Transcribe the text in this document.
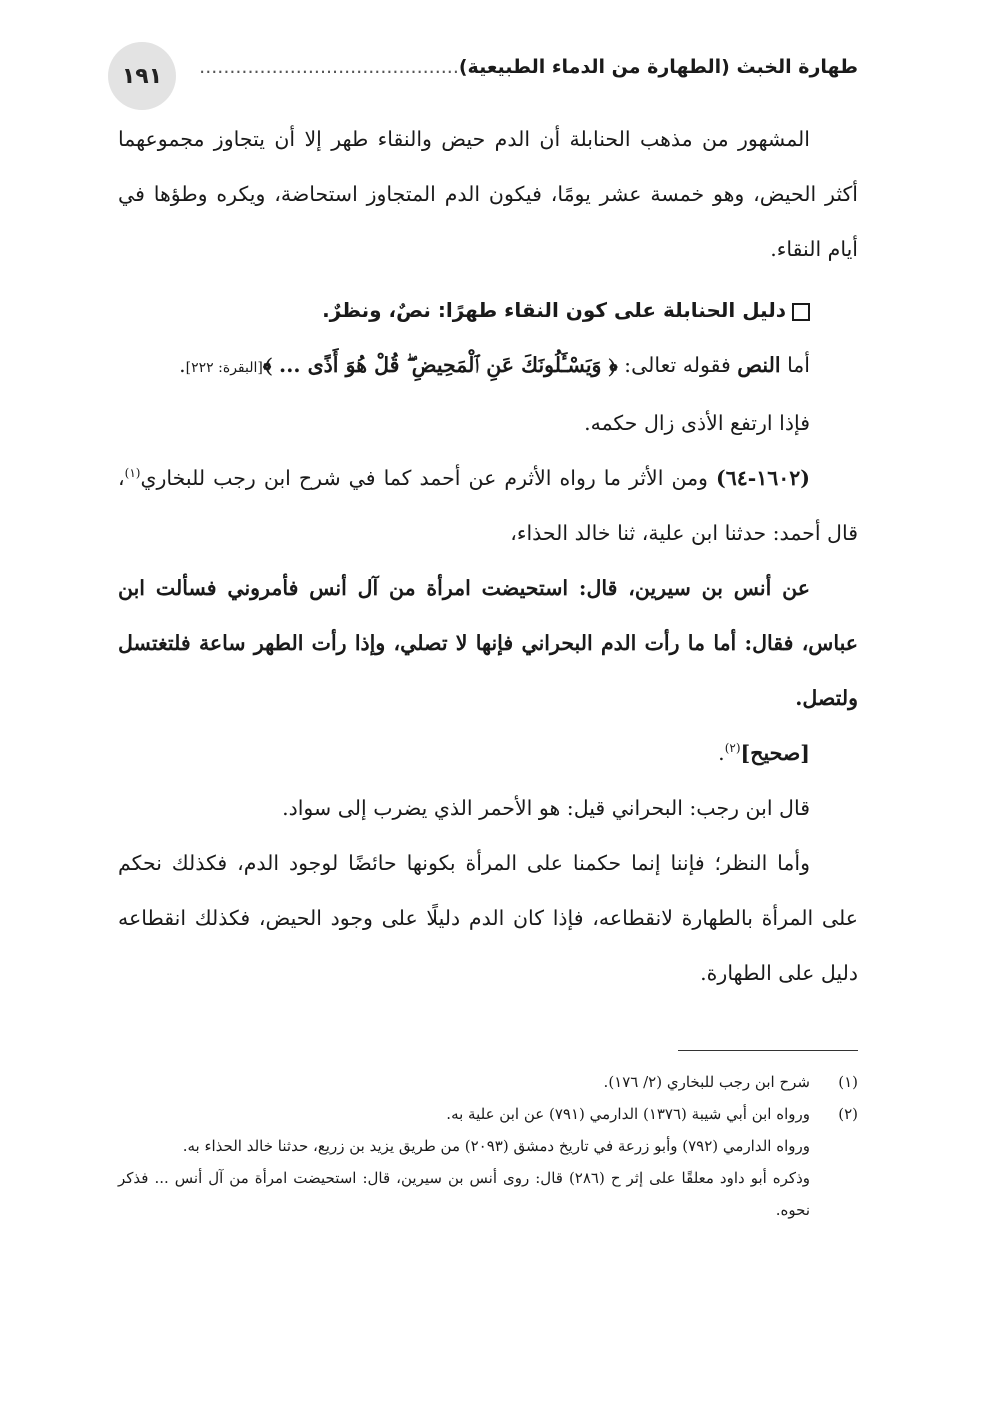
١٩١	طهارة الخبث (الطهارة من الدماء الطبيعية)...........................................

المشهور من مذهب الحنابلة أن الدم حيض والنقاء طهر إلا أن يتجاوز مجموعهما أكثر الحيض، وهو خمسة عشر يومًا، فيكون الدم المتجاوز استحاضة، ويكره وطؤها في أيام النقاء.

دليل الحنابلة على كون النقاء طهرًا: نصٌ، ونظرٌ.

أما النص فقوله تعالى: ﴿ وَيَسْـَٔلُونَكَ عَنِ ٱلْمَحِيضِ ۖ قُلْ هُوَ أَذًى ... ﴾[البقرة: ٢٢٢].

فإذا ارتفع الأذى زال حكمه.

(١٦٠٢-٦٤) ومن الأثر ما رواه الأثرم عن أحمد كما في شرح ابن رجب للبخاري$^{(١)}$، قال أحمد: حدثنا ابن علية، ثنا خالد الحذاء،

عن أنس بن سيرين، قال: استحيضت امرأة من آل أنس فأمروني فسألت ابن عباس، فقال: أما ما رأت الدم البحراني فإنها لا تصلي، وإذا رأت الطهر ساعة فلتغتسل ولتصل.

[صحيح]$^{(٢)}$.

قال ابن رجب: البحراني قيل: هو الأحمر الذي يضرب إلى سواد.

وأما النظر؛ فإننا إنما حكمنا على المرأة بكونها حائضًا لوجود الدم، فكذلك نحكم على المرأة بالطهارة لانقطاعه، فإذا كان الدم دليلًا على وجود الحيض، فكذلك انقطاعه دليل على الطهارة.

(١)
شرح ابن رجب للبخاري (٢/ ١٧٦).

(٢)
ورواه ابن أبي شيبة (١٣٧٦) الدارمي (٧٩١) عن ابن علية به.

ورواه الدارمي (٧٩٢) وأبو زرعة في تاريخ دمشق (٢٠٩٣) من طريق يزيد بن زريع، حدثنا خالد الحذاء به.

وذكره أبو داود معلقًا على إثر ح (٢٨٦) قال: روى أنس بن سيرين، قال: استحيضت امرأة من آل أنس ... فذكر نحوه.
